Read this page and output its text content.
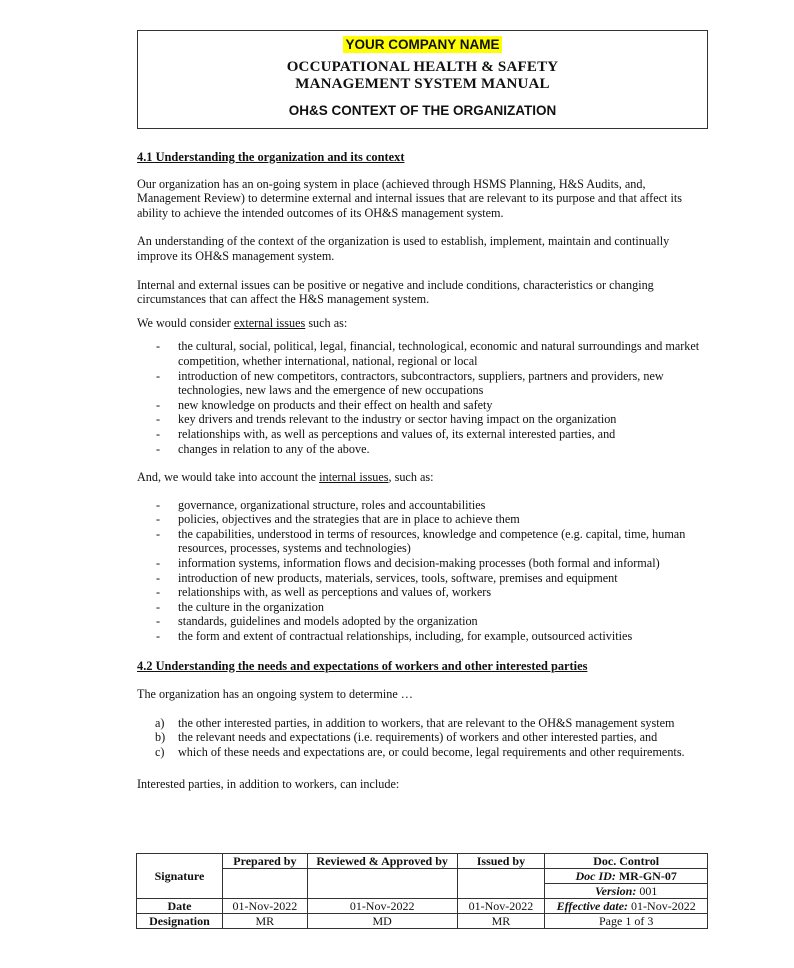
YOUR COMPANY NAME
OCCUPATIONAL HEALTH & SAFETY
MANAGEMENT SYSTEM MANUAL
OH&S CONTEXT OF THE ORGANIZATION
4.1 Understanding the organization and its context

Our organization has an on-going system in place (achieved through HSMS Planning, H&S Audits, and, Management Review) to determine external and internal issues that are relevant to its purpose and that affect its ability to achieve the intended outcomes of its OH&S management system.

An understanding of the context of the organization is used to establish, implement, maintain and continually improve its OH&S management system.

Internal and external issues can be positive or negative and include conditions, characteristics or changing circumstances that can affect the H&S management system.

We would consider external issues such as:

- the cultural, social, political, legal, financial, technological, economic and natural surroundings and market competition, whether international, national, regional or local
- introduction of new competitors, contractors, subcontractors, suppliers, partners and providers, new technologies, new laws and the emergence of new occupations
- new knowledge on products and their effect on health and safety
- key drivers and trends relevant to the industry or sector having impact on the organization
- relationships with, as well as perceptions and values of, its external interested parties, and
- changes in relation to any of the above.

And, we would take into account the internal issues, such as:

- governance, organizational structure, roles and accountabilities
- policies, objectives and the strategies that are in place to achieve them
- the capabilities, understood in terms of resources, knowledge and competence (e.g. capital, time, human resources, processes, systems and technologies)
- information systems, information flows and decision-making processes (both formal and informal)
- introduction of new products, materials, services, tools, software, premises and equipment
- relationships with, as well as perceptions and values of, workers
- the culture in the organization
- standards, guidelines and models adopted by the organization
- the form and extent of contractual relationships, including, for example, outsourced activities
4.2 Understanding the needs and expectations of workers and other interested parties

The organization has an ongoing system to determine …

a) the other interested parties, in addition to workers, that are relevant to the OH&S management system
b) the relevant needs and expectations (i.e. requirements) of workers and other interested parties, and
c) which of these needs and expectations are, or could become, legal requirements and other requirements.

Interested parties, in addition to workers, can include:

Signature	Prepared by	Reviewed & Approved by	Issued by	Doc. Control
				Doc ID: MR-GN-07
				Version: 001
Date	01-Nov-2022	01-Nov-2022	01-Nov-2022	Effective date: 01-Nov-2022
Designation	MR	MD	MR	Page 1 of 3
